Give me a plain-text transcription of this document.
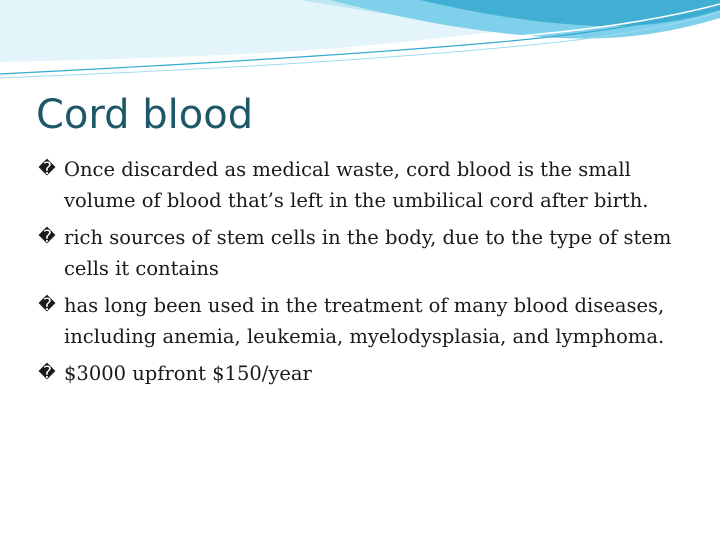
Cord blood
� Once discarded as medical waste, cord blood is the small volume of blood that’s left in the umbilical cord after birth.
� rich sources of stem cells in the body, due to the type of stem cells it contains
� has long been used in the treatment of many blood diseases, including anemia, leukemia, myelodysplasia, and lymphoma.
� $3000 upfront $150/year
